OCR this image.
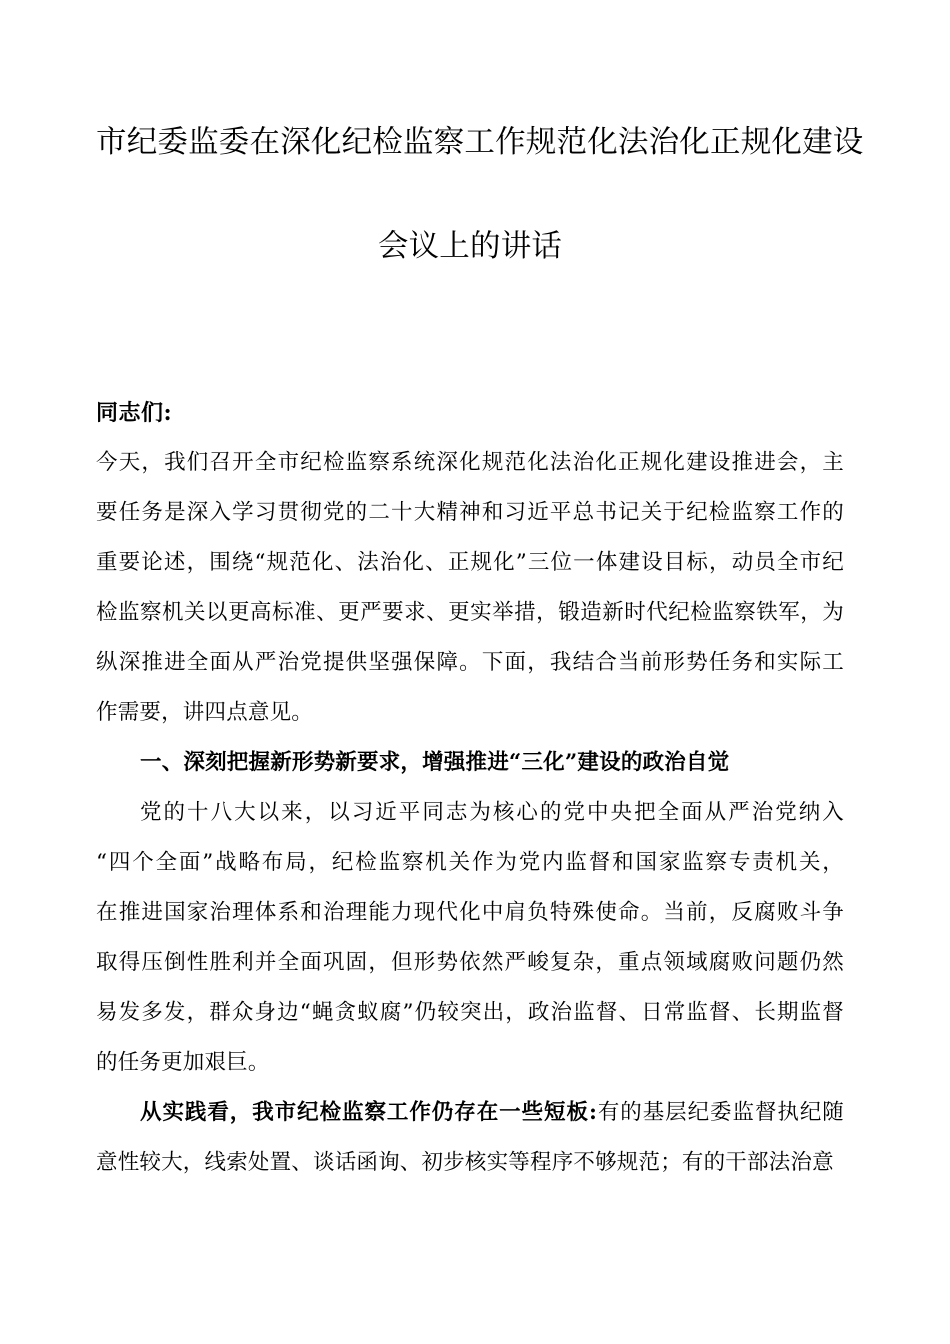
市纪委监委在深化纪检监察工作规范化法治化正规化建设
会议上的讲话

同志们:

今天，我们召开全市纪检监察系统深化规范化法治化正规化建设推进会，主
要任务是深入学习贯彻党的二十大精神和习近平总书记关于纪检监察工作的
重要论述，围绕“规范化、法治化、正规化”三位一体建设目标，动员全市纪
检监察机关以更高标准、更严要求、更实举措，锻造新时代纪检监察铁军，为
纵深推进全面从严治党提供坚强保障。下面，我结合当前形势任务和实际工
作需要，讲四点意见。

一、深刻把握新形势新要求，增强推进“三化”建设的政治自觉

党的十八大以来，以习近平同志为核心的党中央把全面从严治党纳入
“四个全面”战略布局，纪检监察机关作为党内监督和国家监察专责机关，
在推进国家治理体系和治理能力现代化中肩负特殊使命。当前，反腐败斗争
取得压倒性胜利并全面巩固，但形势依然严峻复杂，重点领域腐败问题仍然
易发多发，群众身边“蝇贪蚁腐”仍较突出，政治监督、日常监督、长期监督
的任务更加艰巨。

从实践看，我市纪检监察工作仍存在一些短板:有的基层纪委监督执纪随
意性较大，线索处置、谈话函询、初步核实等程序不够规范；有的干部法治意
